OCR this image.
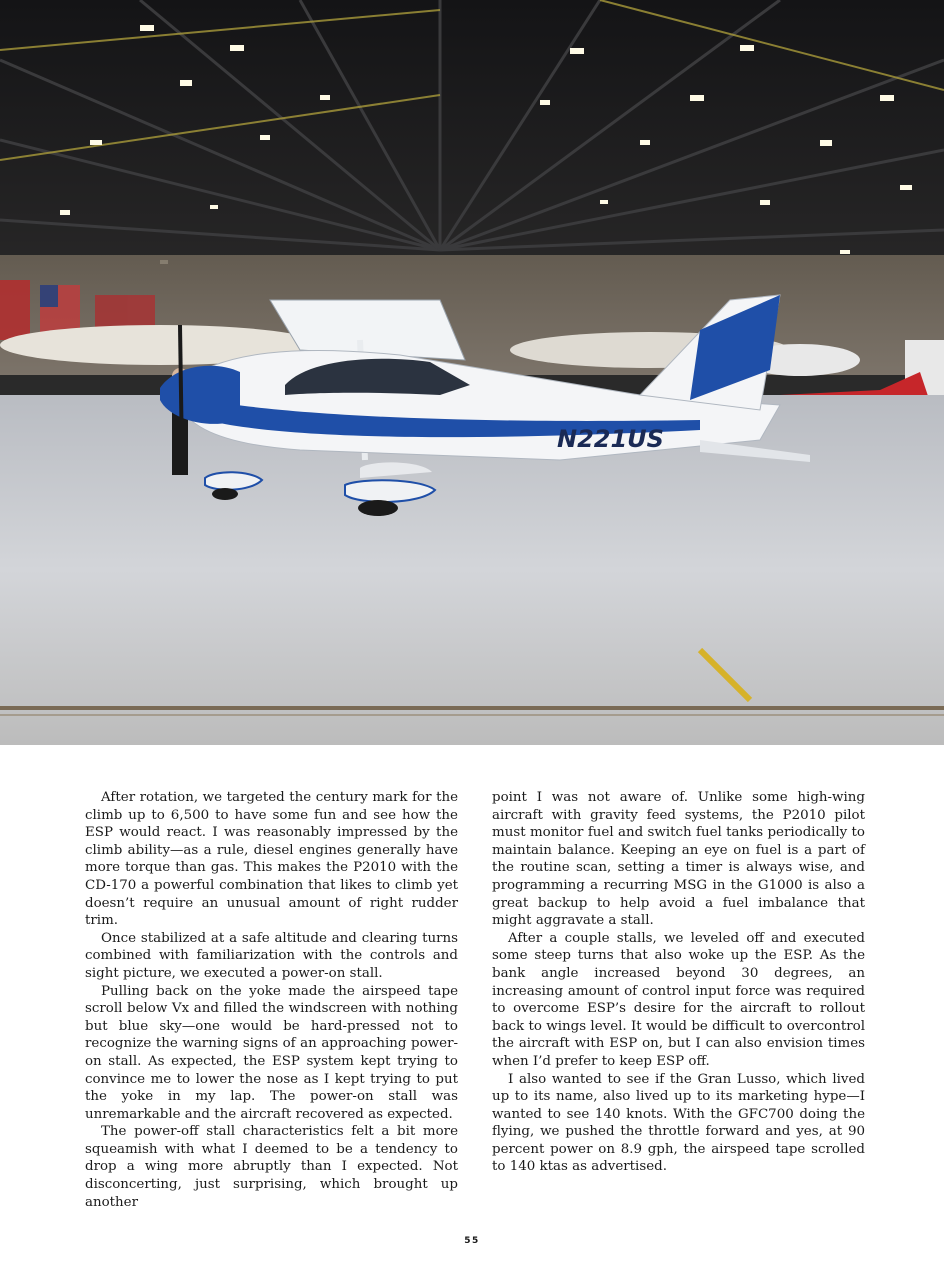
N221US

After rotation, we targeted the century mark for the climb up to 6,500 to have some fun and see how the ESP would react. I was reasonably impressed by the climb ability—as a rule, diesel engines generally have more torque than gas. This makes the P2010 with the CD-170 a powerful combination that likes to climb yet doesn’t require an unusual amount of right rudder trim.

Once stabilized at a safe altitude and clearing turns combined with familiarization with the controls and sight picture, we executed a power-on stall.

Pulling back on the yoke made the airspeed tape scroll below Vx and filled the windscreen with nothing but blue sky—one would be hard-pressed not to recognize the warning signs of an approaching power-on stall. As expected, the ESP system kept trying to convince me to lower the nose as I kept trying to put the yoke in my lap. The power-on stall was unremarkable and the aircraft recovered as expected.

The power-off stall characteristics felt a bit more squeamish with what I deemed to be a tendency to drop a wing more abruptly than I expected. Not disconcerting, just surprising, which brought up another

point I was not aware of. Unlike some high-wing aircraft with gravity feed systems, the P2010 pilot must monitor fuel and switch fuel tanks periodically to maintain balance. Keeping an eye on fuel is a part of the routine scan, setting a timer is always wise, and programming a recurring MSG in the G1000 is also a great backup to help avoid a fuel imbalance that might aggravate a stall.

After a couple stalls, we leveled off and executed some steep turns that also woke up the ESP. As the bank angle increased beyond 30 degrees, an increasing amount of control input force was required to overcome ESP’s desire for the aircraft to rollout back to wings level. It would be difficult to overcontrol the aircraft with ESP on, but I can also envision times when I’d prefer to keep ESP off.

I also wanted to see if the Gran Lusso, which lived up to its name, also lived up to its marketing hype—I wanted to see 140 knots. With the GFC700 doing the flying, we pushed the throttle forward and yes, at 90 percent power on 8.9 gph, the airspeed tape scrolled to 140 ktas as advertised.

55
